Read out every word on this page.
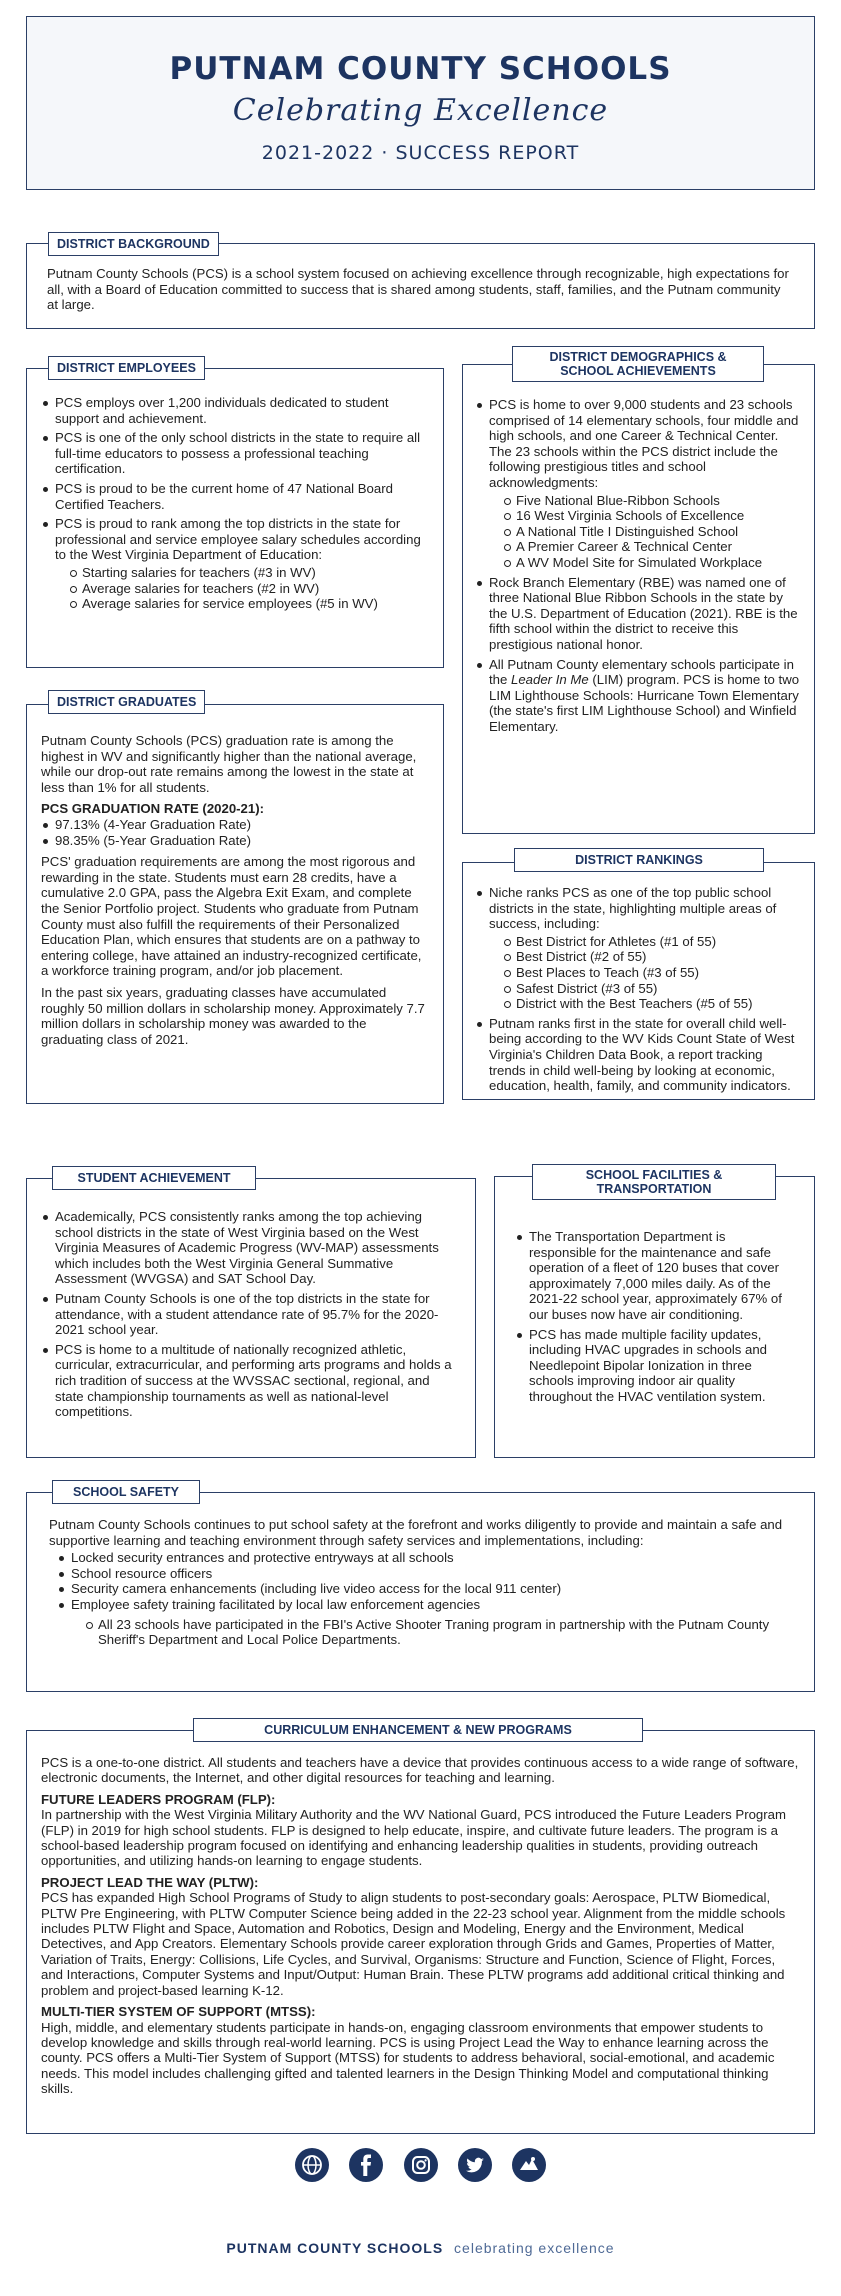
PUTNAM COUNTY SCHOOLS
Celebrating Excellence
2021-2022 · SUCCESS REPORT

Putnam County Schools (PCS) is a school system focused on achieving excellence through recognizable, high expectations for all, with a Board of Education committed to success that is shared among students, staff, families, and the Putnam community at large.

DISTRICT BACKGROUND
PCS employs over 1,200 individuals dedicated to student support and achievement.
PCS is one of the only school districts in the state to require all full-time educators to possess a professional teaching certification.
PCS is proud to be the current home of 47 National Board Certified Teachers.
PCS is proud to rank among the top districts in the state for professional and service employee salary schedules according to the West Virginia Department of Education:
Starting salaries for teachers (#3 in WV)
Average salaries for teachers (#2 in WV)
Average salaries for service employees (#5 in WV)
DISTRICT EMPLOYEES
PCS is home to over 9,000 students and 23 schools comprised of 14 elementary schools, four middle and high schools, and one Career & Technical Center. The 23 schools within the PCS district include the following prestigious titles and school acknowledgments:
Five National Blue-Ribbon Schools
16 West Virginia Schools of Excellence
A National Title I Distinguished School
A Premier Career & Technical Center
A WV Model Site for Simulated Workplace
Rock Branch Elementary (RBE) was named one of three National Blue Ribbon Schools in the state by the U.S. Department of Education (2021). RBE is the fifth school within the district to receive this prestigious national honor.
All Putnam County elementary schools participate in the Leader In Me (LIM) program. PCS is home to two LIM Lighthouse Schools: Hurricane Town Elementary (the state's first LIM Lighthouse School) and Winfield Elementary.
DISTRICT DEMOGRAPHICS &
SCHOOL ACHIEVEMENTS

Putnam County Schools (PCS) graduation rate is among the highest in WV and significantly higher than the national average, while our drop-out rate remains among the lowest in the state at less than 1% for all students.

PCS GRADUATION RATE (2020-21):
97.13% (4-Year Graduation Rate)
98.35% (5-Year Graduation Rate)

PCS' graduation requirements are among the most rigorous and rewarding in the state. Students must earn 28 credits, have a cumulative 2.0 GPA, pass the Algebra Exit Exam, and complete the Senior Portfolio project. Students who graduate from Putnam County must also fulfill the requirements of their Personalized Education Plan, which ensures that students are on a pathway to entering college, have attained an industry-recognized certificate, a workforce training program, and/or job placement.

In the past six years, graduating classes have accumulated roughly 50 million dollars in scholarship money. Approximately 7.7 million dollars in scholarship money was awarded to the graduating class of 2021.

DISTRICT GRADUATES
Niche ranks PCS as one of the top public school districts in the state, highlighting multiple areas of success, including:
Best District for Athletes (#1 of 55)
Best District (#2 of 55)
Best Places to Teach (#3 of 55)
Safest District (#3 of 55)
District with the Best Teachers (#5 of 55)
Putnam ranks first in the state for overall child well-being according to the WV Kids Count State of West Virginia's Children Data Book, a report tracking trends in child well-being by looking at economic, education, health, family, and community indicators.
DISTRICT RANKINGS
Academically, PCS consistently ranks among the top achieving school districts in the state of West Virginia based on the West Virginia Measures of Academic Progress (WV-MAP) assessments which includes both the West Virginia General Summative Assessment (WVGSA) and SAT School Day.
Putnam County Schools is one of the top districts in the state for attendance, with a student attendance rate of 95.7% for the 2020-2021 school year.
PCS is home to a multitude of nationally recognized athletic, curricular, extracurricular, and performing arts programs and holds a rich tradition of success at the WVSSAC sectional, regional, and state championship tournaments as well as national-level competitions.
STUDENT ACHIEVEMENT
The Transportation Department is responsible for the maintenance and safe operation of a fleet of 120 buses that cover approximately 7,000 miles daily. As of the 2021-22 school year, approximately 67% of our buses now have air conditioning.
PCS has made multiple facility updates, including HVAC upgrades in schools and Needlepoint Bipolar Ionization in three schools improving indoor air quality throughout the HVAC ventilation system.
SCHOOL FACILITIES &
TRANSPORTATION

Putnam County Schools continues to put school safety at the forefront and works diligently to provide and maintain a safe and supportive learning and teaching environment through safety services and implementations, including:

Locked security entrances and protective entryways at all schools
School resource officers
Security camera enhancements (including live video access for the local 911 center)
Employee safety training facilitated by local law enforcement agencies
All 23 schools have participated in the FBI's Active Shooter Traning program in partnership with the Putnam County Sheriff's Department and Local Police Departments.
SCHOOL SAFETY

PCS is a one-to-one district. All students and teachers have a device that provides continuous access to a wide range of software, electronic documents, the Internet, and other digital resources for teaching and learning.

FUTURE LEADERS PROGRAM (FLP):

In partnership with the West Virginia Military Authority and the WV National Guard, PCS introduced the Future Leaders Program (FLP) in 2019 for high school students. FLP is designed to help educate, inspire, and cultivate future leaders. The program is a school-based leadership program focused on identifying and enhancing leadership qualities in students, providing outreach opportunities, and utilizing hands-on learning to engage students.

PROJECT LEAD THE WAY (PLTW):

PCS has expanded High School Programs of Study to align students to post-secondary goals: Aerospace, PLTW Biomedical, PLTW Pre Engineering, with PLTW Computer Science being added in the 22-23 school year. Alignment from the middle schools includes PLTW Flight and Space, Automation and Robotics, Design and Modeling, Energy and the Environment, Medical Detectives, and App Creators. Elementary Schools provide career exploration through Grids and Games, Properties of Matter, Variation of Traits, Energy: Collisions, Life Cycles, and Survival, Organisms: Structure and Function, Science of Flight, Forces, and Interactions, Computer Systems and Input/Output: Human Brain. These PLTW programs add additional critical thinking and problem and project-based learning K-12.

MULTI-TIER SYSTEM OF SUPPORT (MTSS):

High, middle, and elementary students participate in hands-on, engaging classroom environments that empower students to develop knowledge and skills through real-world learning. PCS is using Project Lead the Way to enhance learning across the county. PCS offers a Multi-Tier System of Support (MTSS) for students to address behavioral, social-emotional, and academic needs. This model includes challenging gifted and talented learners in the Design Thinking Model and computational thinking skills.

CURRICULUM ENHANCEMENT & NEW PROGRAMS

PUTNAM COUNTY SCHOOLS celebrating excellence
